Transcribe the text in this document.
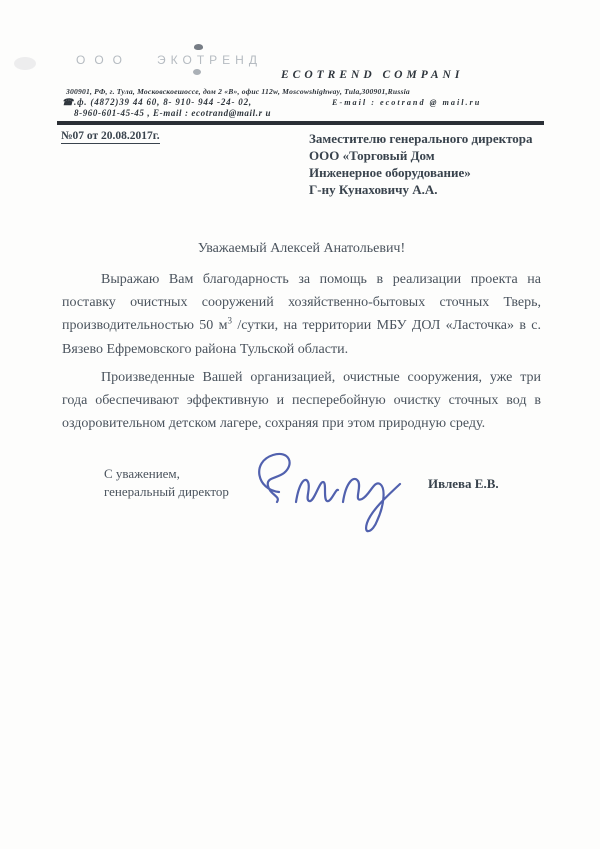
ООО ЭКОТРЕНД
ECOTREND COMPANI
300901, РФ, г. Тула, Московскоешоссе, дом 2 «В», офис 112w, Moscowshighway, Tula,300901,Russia
☎.ф. (4872)39 44 60, 8- 910- 944 -24- 02,	E-mail : ecotrand @ mail.ru
8-960-601-45-45 , E-mail : ecotrand@mail.r u
№07 от 20.08.2017г.	Заместителю генерального директора
ООО «Торговый Дом
Инженерное оборудование»
Г-ну Кунаховичу А.А.
Уважаемый Алексей Анатольевич!

Выражаю Вам благодарность за помощь в реализации проекта на поставку очистных сооружений хозяйственно-бытовых сточных Тверь, производительностью 50 $м^3$ /сутки, на территории МБУ ДОЛ «Ласточка» в с. Вязево Ефремовского района Тульской области.

Произведенные Вашей организацией, очистные сооружения, уже три года обеспечивают эффективную и песперебойную очистку сточных вод в оздоровительном детском лагере, сохраняя при этом природную среду.

С уважением,
генеральный директор	Ивлева Е.В.
